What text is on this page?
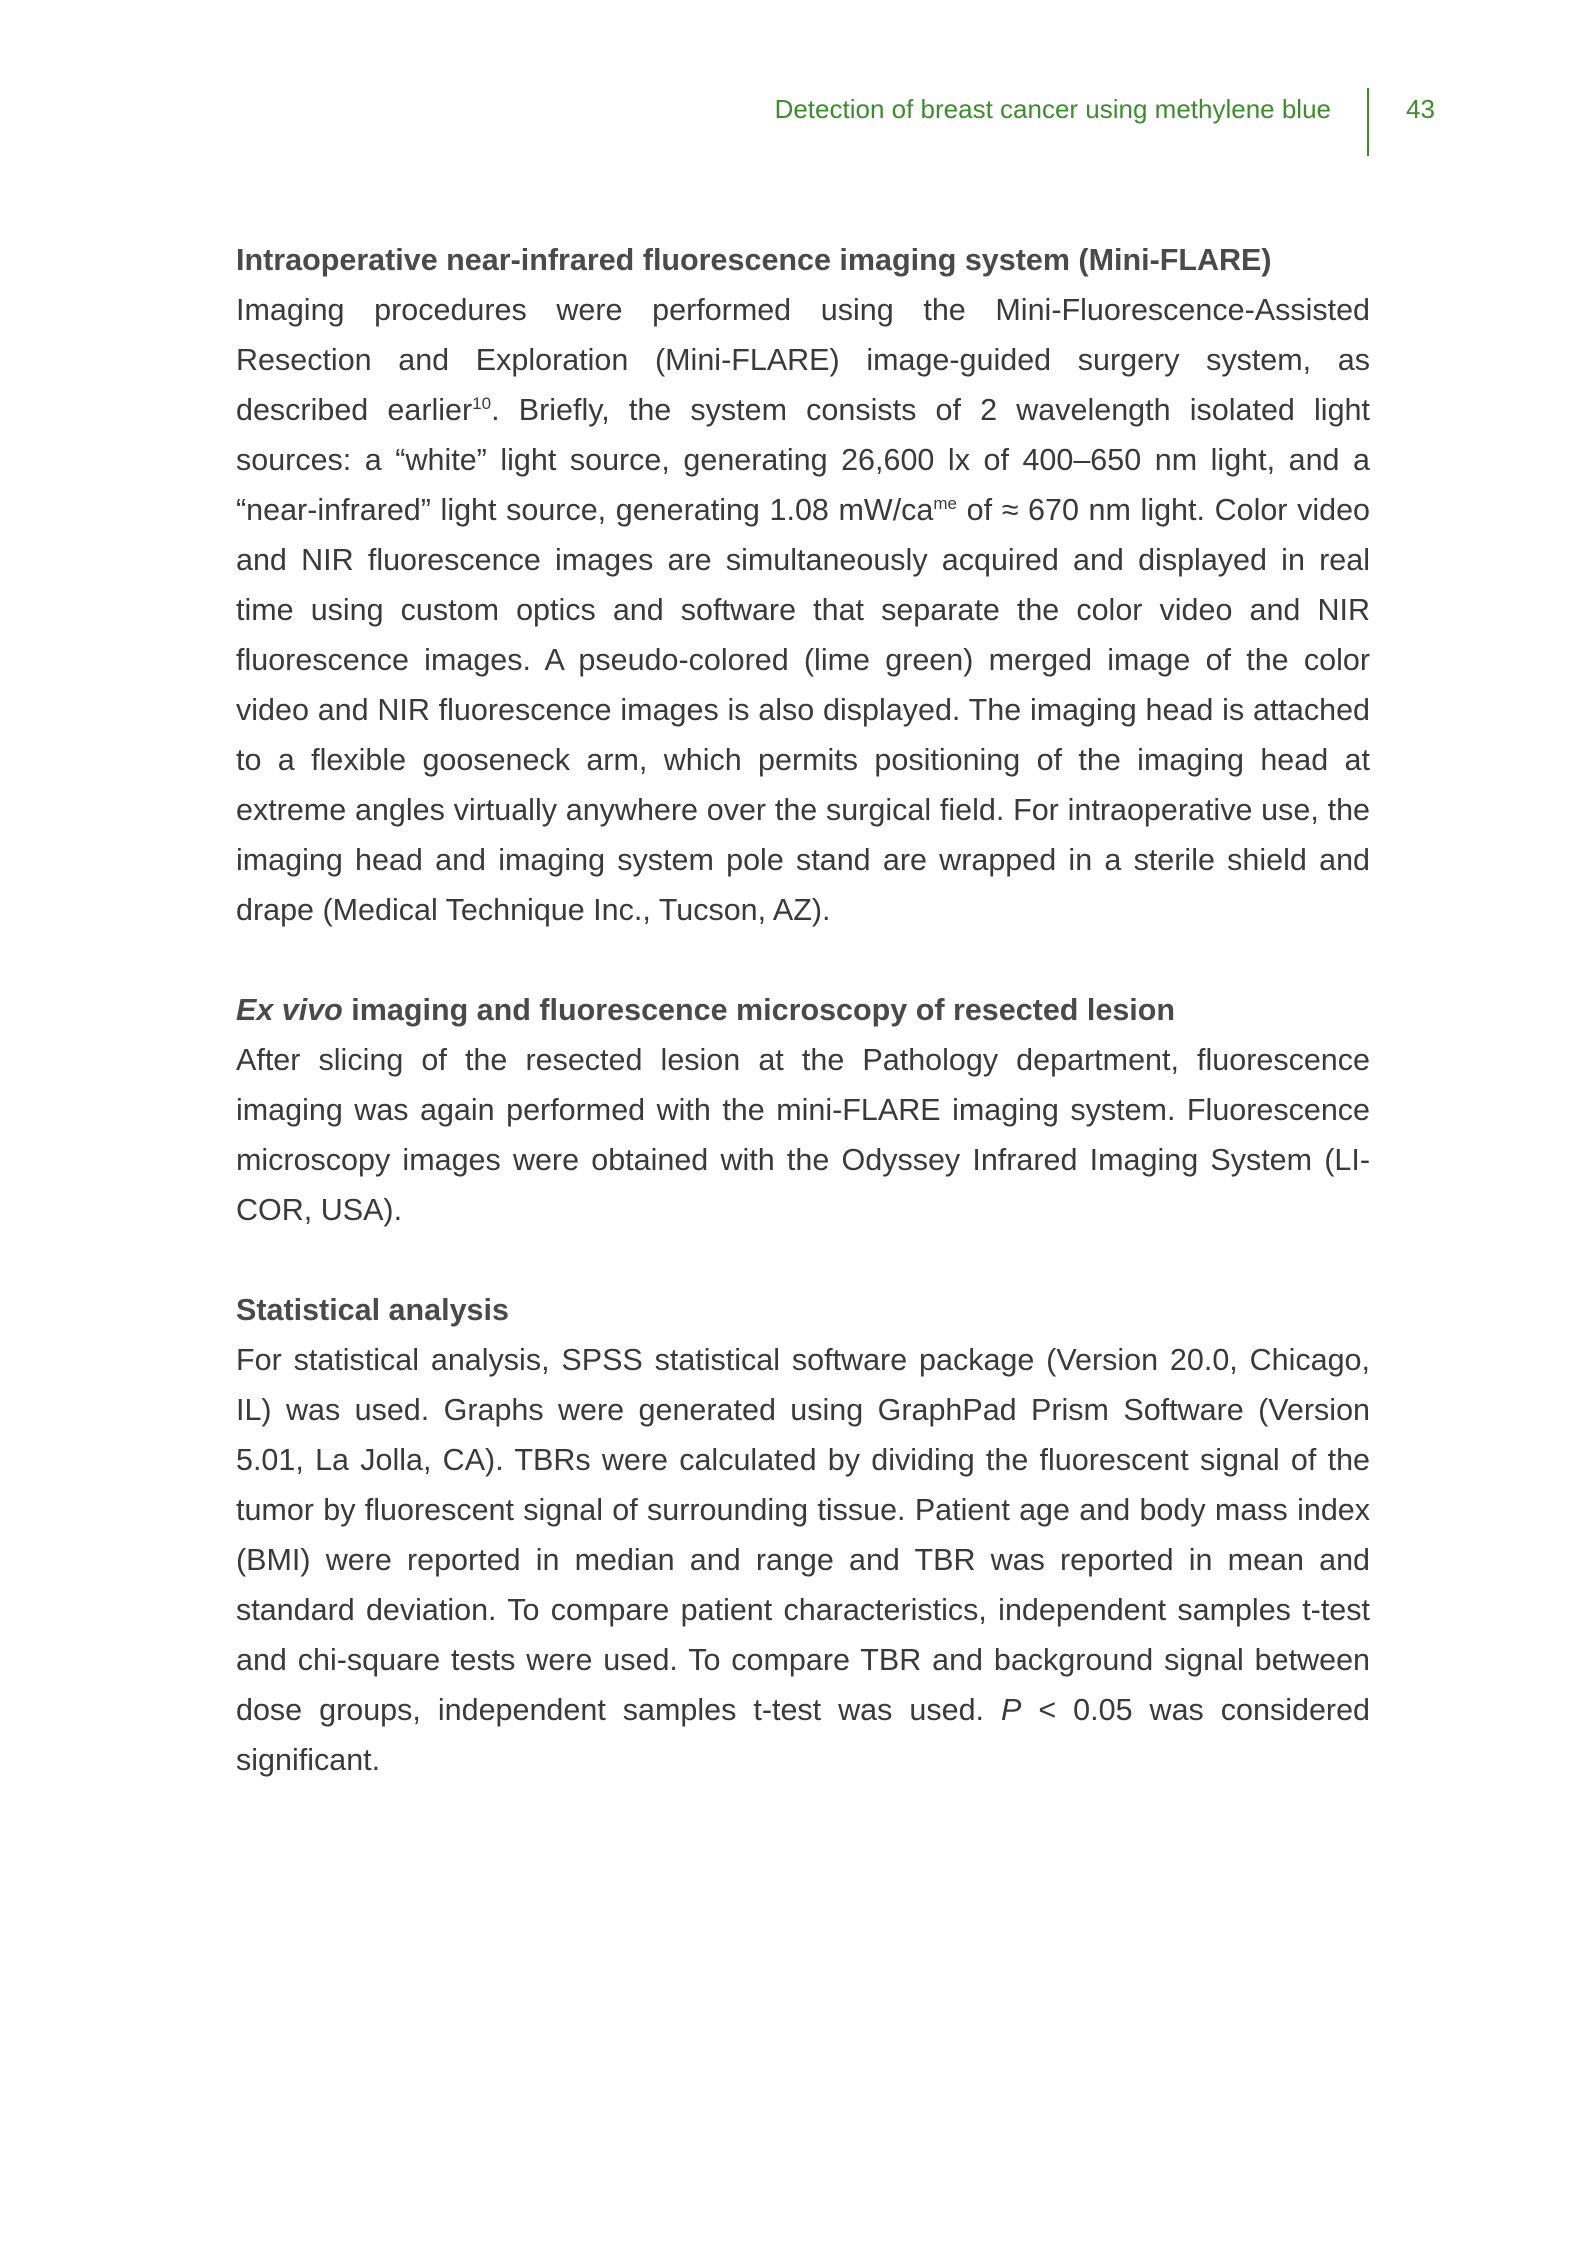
Detection of breast cancer using methylene blue	43
Intraoperative near-infrared fluorescence imaging system (Mini-FLARE)

Imaging procedures were performed using the Mini-Fluorescence-Assisted Resection and Exploration (Mini-FLARE) image-guided surgery system, as described earlier$^{10}$. Briefly, the system consists of 2 wavelength isolated light sources: a “white” light source, generating 26,600 lx of 400–650 nm light, and a “near-infrared” light source, generating 1.08 $mW/ca^{me}$ of ≈ 670 nm light. Color video and NIR fluorescence images are simultaneously acquired and displayed in real time using custom optics and software that separate the color video and NIR fluorescence images. A pseudo-colored (lime green) merged image of the color video and NIR fluorescence images is also displayed. The imaging head is attached to a flexible gooseneck arm, which permits positioning of the imaging head at extreme angles virtually anywhere over the surgical field. For intraoperative use, the imaging head and imaging system pole stand are wrapped in a sterile shield and drape (Medical Technique Inc., Tucson, AZ).

Ex vivo imaging and fluorescence microscopy of resected lesion

After slicing of the resected lesion at the Pathology department, fluorescence imaging was again performed with the mini-FLARE imaging system. Fluorescence microscopy images were obtained with the Odyssey Infrared Imaging System (LI-COR, USA).

Statistical analysis

For statistical analysis, SPSS statistical software package (Version 20.0, Chicago, IL) was used. Graphs were generated using GraphPad Prism Software (Version 5.01, La Jolla, CA). TBRs were calculated by dividing the fluorescent signal of the tumor by fluorescent signal of surrounding tissue. Patient age and body mass index (BMI) were reported in median and range and TBR was reported in mean and standard deviation. To compare patient characteristics, independent samples t-test and chi-square tests were used. To compare TBR and background signal between dose groups, independent samples t-test was used. P < 0.05 was considered significant.
